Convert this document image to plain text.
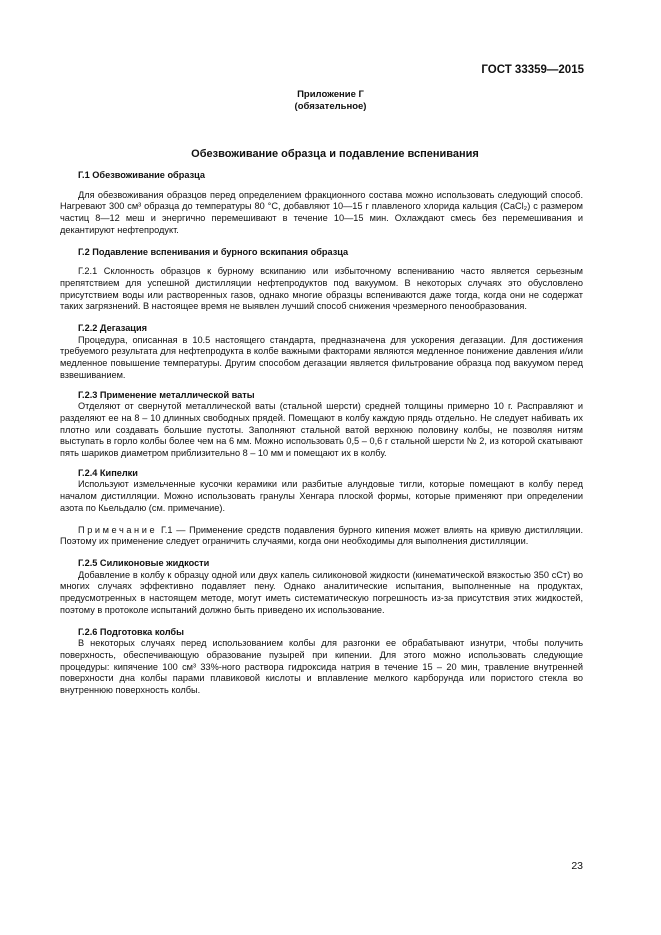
ГОСТ 33359—2015
Приложение Г
(обязательное)
Обезвоживание образца и подавление вспенивания

Г.1 Обезвоживание образца

Для обезвоживания образцов перед определением фракционного состава можно использовать следующий способ. Нагревают 300 см³ образца до температуры 80 °C, добавляют 10—15 г плавленого хлорида кальция (CaCl₂) с размером частиц 8—12 меш и энергично перемешивают в течение 10—15 мин. Охлаждают смесь без перемешивания и декантируют нефтепродукт.

Г.2 Подавление вспенивания и бурного вскипания образца

Г.2.1 Склонность образцов к бурному вскипанию или избыточному вспениванию часто является серьезным препятствием для успешной дистилляции нефтепродуктов под вакуумом. В некоторых случаях это обусловлено присутствием воды или растворенных газов, однако многие образцы вспениваются даже тогда, когда они не содержат таких загрязнений. В настоящее время не выявлен лучший способ снижения чрезмерного пенообразования.

Г.2.2 Дегазация

Процедура, описанная в 10.5 настоящего стандарта, предназначена для ускорения дегазации. Для достижения требуемого результата для нефтепродукта в колбе важными факторами являются медленное понижение давления и/или медленное повышение температуры. Другим способом дегазации является фильтрование образца под вакуумом перед взвешиванием.

Г.2.3 Применение металлической ваты

Отделяют от свернутой металлической ваты (стальной шерсти) средней толщины примерно 10 г. Расправляют и разделяют ее на 8 – 10 длинных свободных прядей. Помещают в колбу каждую прядь отдельно. Не следует набивать их плотно или создавать большие пустоты. Заполняют стальной ватой верхнюю половину колбы, не позволяя нитям выступать в горло колбы более чем на 6 мм. Можно использовать 0,5 – 0,6 г стальной шерсти № 2, из которой скатывают пять шариков диаметром приблизительно 8 – 10 мм и помещают их в колбу.

Г.2.4 Кипелки

Используют измельченные кусочки керамики или разбитые алундовые тигли, которые помещают в колбу перед началом дистилляции. Можно использовать гранулы Хенгара плоской формы, которые применяют при определении азота по Кьельдалю (см. примечание).

Примечание Г.1 — Применение средств подавления бурного кипения может влиять на кривую дистилляции. Поэтому их применение следует ограничить случаями, когда они необходимы для выполнения дистилляции.

Г.2.5 Силиконовые жидкости

Добавление в колбу к образцу одной или двух капель силиконовой жидкости (кинематической вязкостью 350 cСт) во многих случаях эффективно подавляет пену. Однако аналитические испытания, выполненные на продуктах, предусмотренных в настоящем методе, могут иметь систематическую погрешность из-за присутствия этих жидкостей, поэтому в протоколе испытаний должно быть приведено их использование.

Г.2.6 Подготовка колбы

В некоторых случаях перед использованием колбы для разгонки ее обрабатывают изнутри, чтобы получить поверхность, обеспечивающую образование пузырей при кипении. Для этого можно использовать следующие процедуры: кипячение 100 см³ 33%-ного раствора гидроксида натрия в течение 15 – 20 мин, травление внутренней поверхности дна колбы парами плавиковой кислоты и вплавление мелкого карборунда или пористого стекла во внутреннюю поверхность колбы.

23
